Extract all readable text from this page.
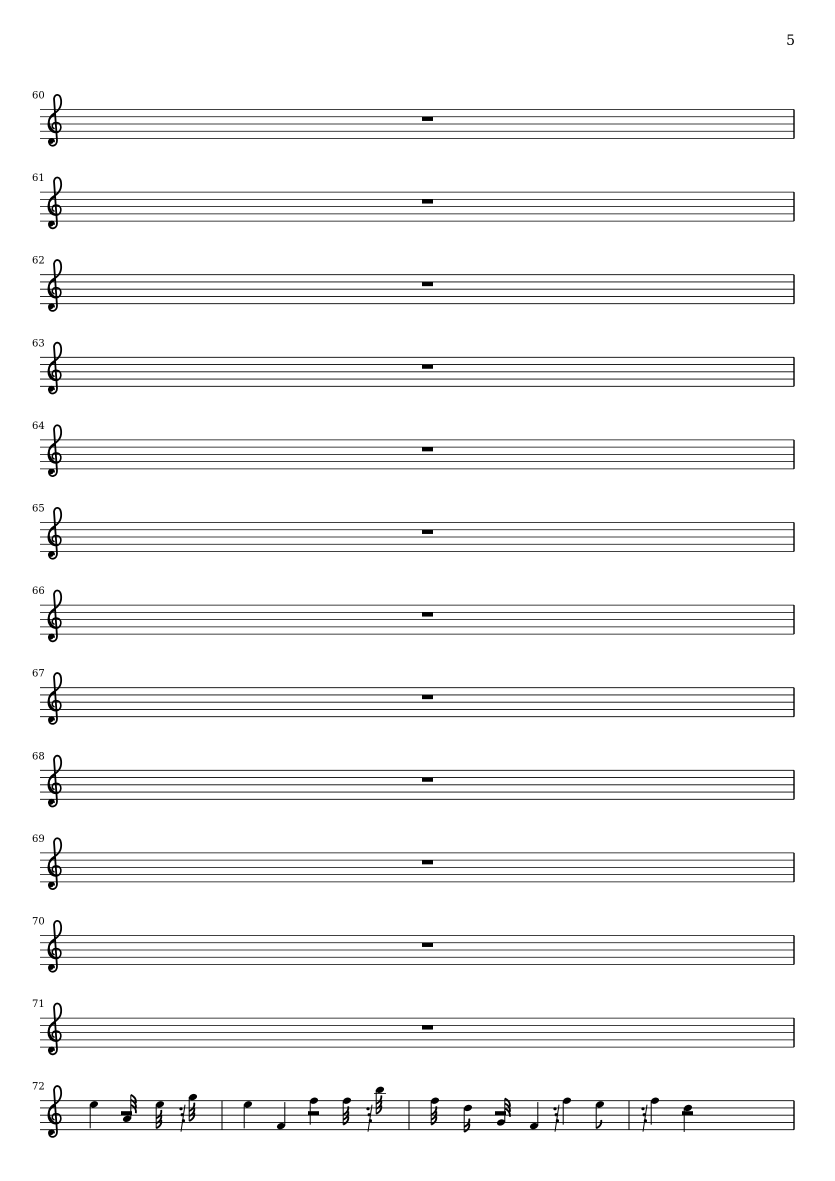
5
60
61
62
63
64
65
66
67
68
69
70
71
72
